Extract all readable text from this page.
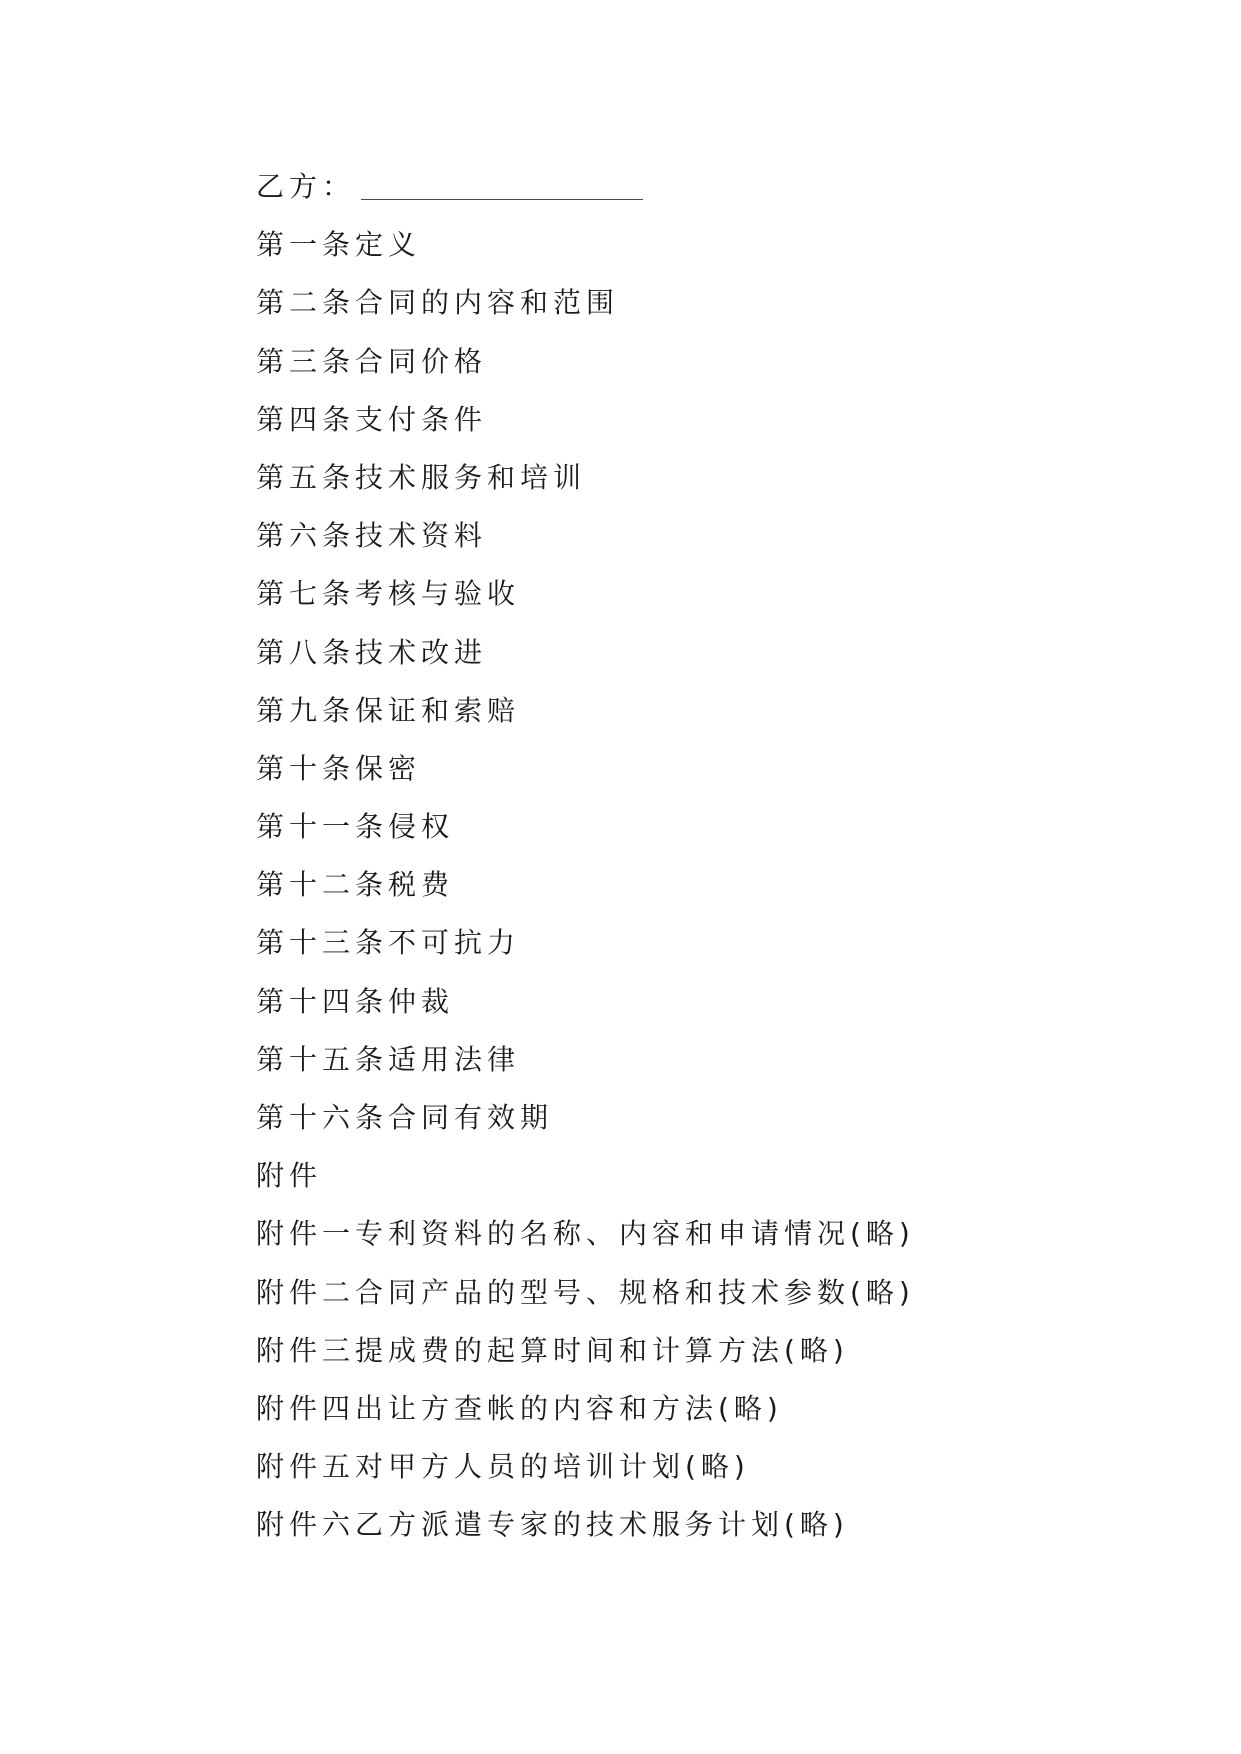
乙方：
第一条定义
第二条合同的内容和范围
第三条合同价格
第四条支付条件
第五条技术服务和培训
第六条技术资料
第七条考核与验收
第八条技术改进
第九条保证和索赔
第十条保密
第十一条侵权
第十二条税费
第十三条不可抗力
第十四条仲裁
第十五条适用法律
第十六条合同有效期
附件
附件一专利资料的名称、内容和申请情况(略)
附件二合同产品的型号、规格和技术参数(略)
附件三提成费的起算时间和计算方法(略)
附件四出让方查帐的内容和方法(略)
附件五对甲方人员的培训计划(略)
附件六乙方派遣专家的技术服务计划(略)
